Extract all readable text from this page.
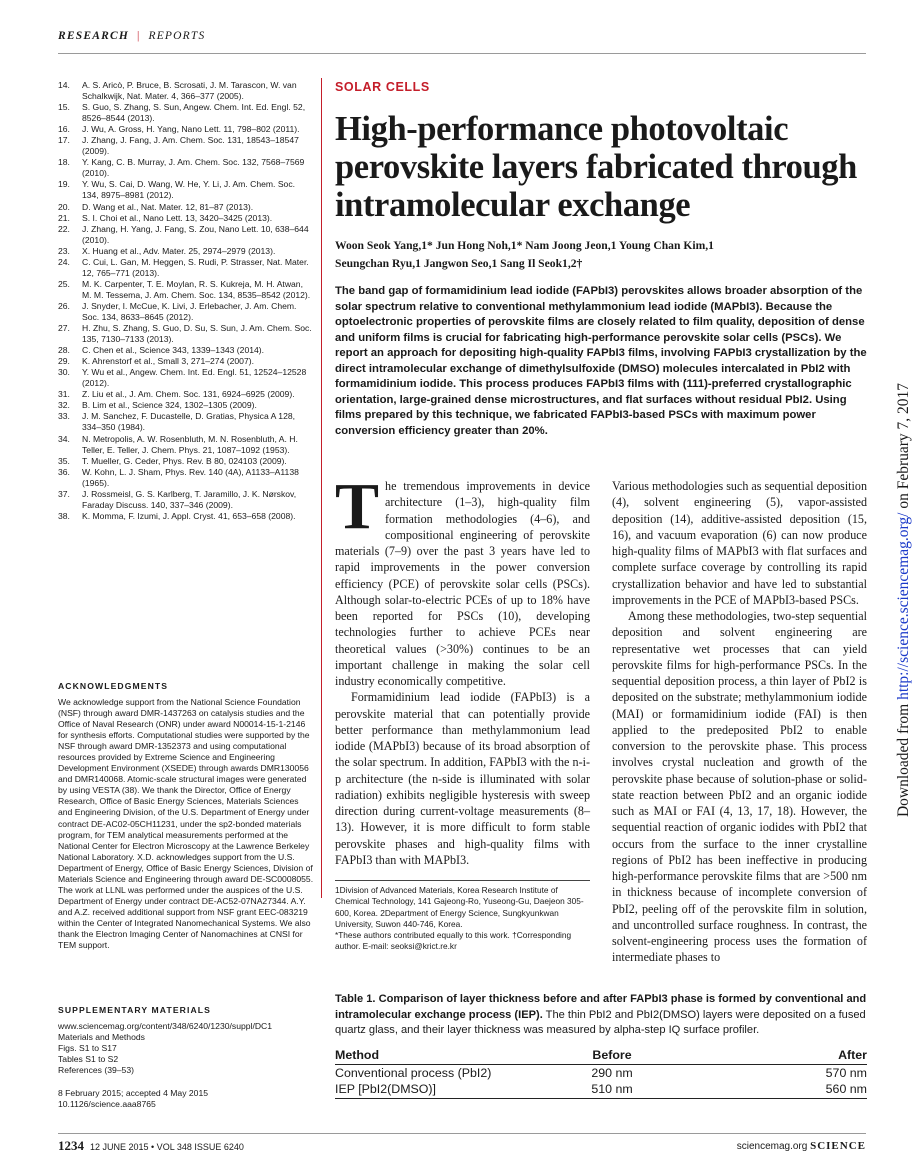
RESEARCH | REPORTS
14.	A. S. Aricò, P. Bruce, B. Scrosati, J. M. Tarascon, W. van Schalkwijk, Nat. Mater. 4, 366–377 (2005).
15.	S. Guo, S. Zhang, S. Sun, Angew. Chem. Int. Ed. Engl. 52, 8526–8544 (2013).
16.	J. Wu, A. Gross, H. Yang, Nano Lett. 11, 798–802 (2011).
17.	J. Zhang, J. Fang, J. Am. Chem. Soc. 131, 18543–18547 (2009).
18.	Y. Kang, C. B. Murray, J. Am. Chem. Soc. 132, 7568–7569 (2010).
19.	Y. Wu, S. Cai, D. Wang, W. He, Y. Li, J. Am. Chem. Soc. 134, 8975–8981 (2012).
20.	D. Wang et al., Nat. Mater. 12, 81–87 (2013).
21.	S. I. Choi et al., Nano Lett. 13, 3420–3425 (2013).
22.	J. Zhang, H. Yang, J. Fang, S. Zou, Nano Lett. 10, 638–644 (2010).
23.	X. Huang et al., Adv. Mater. 25, 2974–2979 (2013).
24.	C. Cui, L. Gan, M. Heggen, S. Rudi, P. Strasser, Nat. Mater. 12, 765–771 (2013).
25.	M. K. Carpenter, T. E. Moylan, R. S. Kukreja, M. H. Atwan, M. M. Tessema, J. Am. Chem. Soc. 134, 8535–8542 (2012).
26.	J. Snyder, I. McCue, K. Livi, J. Erlebacher, J. Am. Chem. Soc. 134, 8633–8645 (2012).
27.	H. Zhu, S. Zhang, S. Guo, D. Su, S. Sun, J. Am. Chem. Soc. 135, 7130–7133 (2013).
28.	C. Chen et al., Science 343, 1339–1343 (2014).
29.	K. Ahrenstorf et al., Small 3, 271–274 (2007).
30.	Y. Wu et al., Angew. Chem. Int. Ed. Engl. 51, 12524–12528 (2012).
31.	Z. Liu et al., J. Am. Chem. Soc. 131, 6924–6925 (2009).
32.	B. Lim et al., Science 324, 1302–1305 (2009).
33.	J. M. Sanchez, F. Ducastelle, D. Gratias, Physica A 128, 334–350 (1984).
34.	N. Metropolis, A. W. Rosenbluth, M. N. Rosenbluth, A. H. Teller, E. Teller, J. Chem. Phys. 21, 1087–1092 (1953).
35.	T. Mueller, G. Ceder, Phys. Rev. B 80, 024103 (2009).
36.	W. Kohn, L. J. Sham, Phys. Rev. 140 (4A), A1133–A1138 (1965).
37.	J. Rossmeisl, G. S. Karlberg, T. Jaramillo, J. K. Nørskov, Faraday Discuss. 140, 337–346 (2009).
38.	K. Momma, F. Izumi, J. Appl. Cryst. 41, 653–658 (2008).
ACKNOWLEDGMENTS
We acknowledge support from the National Science Foundation (NSF) through award DMR-1437263 on catalysis studies and the Office of Naval Research (ONR) under award N00014-15-1-2146 for synthesis efforts. Computational studies were supported by the NSF through award DMR-1352373 and using computational resources provided by Extreme Science and Engineering Development Environment (XSEDE) through awards DMR130056 and DMR140068. Atomic-scale structural images were generated by using VESTA (38). We thank the Director, Office of Energy Research, Office of Basic Energy Sciences, Materials Sciences and Engineering Division, of the U.S. Department of Energy under contract DE-AC02-05CH11231, under the sp2-bonded materials program, for TEM analytical measurements performed at the National Center for Electron Microscopy at the Lawrence Berkeley National Laboratory. X.D. acknowledges support from the U.S. Department of Energy, Office of Basic Energy Sciences, Division of Materials Science and Engineering through award DE-SC0008055. The work at LLNL was performed under the auspices of the U.S. Department of Energy under contract DE-AC52-07NA27344. A.Y. and A.Z. received additional support from NSF grant EEC-083219 within the Center of Integrated Nanomechanical Systems. We also thank the Electron Imaging Center of Nanomachines at CNSI for TEM support.
SUPPLEMENTARY MATERIALS
www.sciencemag.org/content/348/6240/1230/suppl/DC1
Materials and Methods
Figs. S1 to S17
Tables S1 to S2
References (39–53)
8 February 2015; accepted 4 May 2015
10.1126/science.aaa8765
SOLAR CELLS
High-performance photovoltaic perovskite layers fabricated through intramolecular exchange
Woon Seok Yang,1* Jun Hong Noh,1* Nam Joong Jeon,1 Young Chan Kim,1
Seungchan Ryu,1 Jangwon Seo,1 Sang Il Seok1,2†
The band gap of formamidinium lead iodide (FAPbI3) perovskites allows broader absorption of the solar spectrum relative to conventional methylammonium lead iodide (MAPbI3). Because the optoelectronic properties of perovskite films are closely related to film quality, deposition of dense and uniform films is crucial for fabricating high-performance perovskite solar cells (PSCs). We report an approach for depositing high-quality FAPbI3 films, involving FAPbI3 crystallization by the direct intramolecular exchange of dimethylsulfoxide (DMSO) molecules intercalated in PbI2 with formamidinium iodide. This process produces FAPbI3 films with (111)-preferred crystallographic orientation, large-grained dense microstructures, and flat surfaces without residual PbI2. Using films prepared by this technique, we fabricated FAPbI3-based PSCs with maximum power conversion efficiency greater than 20%.

The tremendous improvements in device architecture (1–3), high-quality film formation methodologies (4–6), and compositional engineering of perovskite materials (7–9) over the past 3 years have led to rapid improvements in the power conversion efficiency (PCE) of perovskite solar cells (PSCs). Although solar-to-electric PCEs of up to 18% have been reported for PSCs (10), developing technologies further to achieve PCEs near theoretical values (>30%) continues to be an important challenge in making the solar cell industry economically competitive.

Formamidinium lead iodide (FAPbI3) is a perovskite material that can potentially provide better performance than methylammonium lead iodide (MAPbI3) because of its broad absorption of the solar spectrum. In addition, FAPbI3 with the n-i-p architecture (the n-side is illuminated with solar radiation) exhibits negligible hysteresis with sweep direction during current-voltage measurements (8–13). However, it is more difficult to form stable perovskite phases and high-quality films with FAPbI3 than with MAPbI3.

1Division of Advanced Materials, Korea Research Institute of Chemical Technology, 141 Gajeong-Ro, Yuseong-Gu, Daejeon 305-600, Korea. 2Department of Energy Science, Sungkyunkwan University, Suwon 440-746, Korea.

*These authors contributed equally to this work. †Corresponding author. E-mail: seoksi@krict.re.kr

Various methodologies such as sequential deposition (4), solvent engineering (5), vapor-assisted deposition (14), additive-assisted deposition (15, 16), and vacuum evaporation (6) can now produce high-quality films of MAPbI3 with flat surfaces and complete surface coverage by controlling its rapid crystallization behavior and have led to substantial improvements in the PCE of MAPbI3-based PSCs.

Among these methodologies, two-step sequential deposition and solvent engineering are representative wet processes that can yield perovskite films for high-performance PSCs. In the sequential deposition process, a thin layer of PbI2 is deposited on the substrate; methylammonium iodide (MAI) or formamidinium iodide (FAI) is then applied to the predeposited PbI2 to enable conversion to the perovskite phase. This process involves crystal nucleation and growth of the perovskite phase because of solution-phase or solid-state reaction between PbI2 and an organic iodide such as MAI or FAI (4, 13, 17, 18). However, the sequential reaction of organic iodides with PbI2 that occurs from the surface to the inner crystalline regions of PbI2 has been ineffective in producing high-performance perovskite films that are >500 nm in thickness because of incomplete conversion of PbI2, peeling off of the perovskite film in solution, and uncontrolled surface roughness. In contrast, the solvent-engineering process uses the formation of intermediate phases to

Table 1. Comparison of layer thickness before and after FAPbI3 phase is formed by conventional and intramolecular exchange process (IEP). The thin PbI2 and PbI2(DMSO) layers were deposited on a fused quartz glass, and their layer thickness was measured by alpha-step IQ surface profiler.
Method	Before	After
Conventional process (PbI2)	290 nm	570 nm
IEP [PbI2(DMSO)]	510 nm	560 nm
1234 12 JUNE 2015 • VOL 348 ISSUE 6240	sciencemag.org SCIENCE
Downloaded from http://science.sciencemag.org/ on February 7, 2017
